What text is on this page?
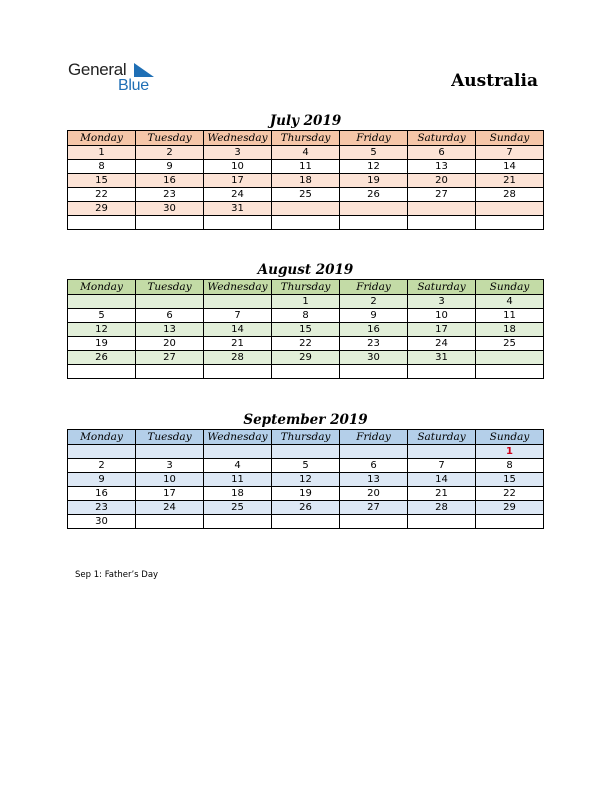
General
Blue	Australia
July 2019
Monday	Tuesday	Wednesday	Thursday	Friday	Saturday	Sunday
1	2	3	4	5	6	7
8	9	10	11	12	13	14
15	16	17	18	19	20	21
22	23	24	25	26	27	28
29	30	31				

August 2019
Monday	Tuesday	Wednesday	Thursday	Friday	Saturday	Sunday
			1	2	3	4
5	6	7	8	9	10	11
12	13	14	15	16	17	18
19	20	21	22	23	24	25
26	27	28	29	30	31	

September 2019
Monday	Tuesday	Wednesday	Thursday	Friday	Saturday	Sunday
						1
2	3	4	5	6	7	8
9	10	11	12	13	14	15
16	17	18	19	20	21	22
23	24	25	26	27	28	29
30						
Sep 1: Father’s Day
